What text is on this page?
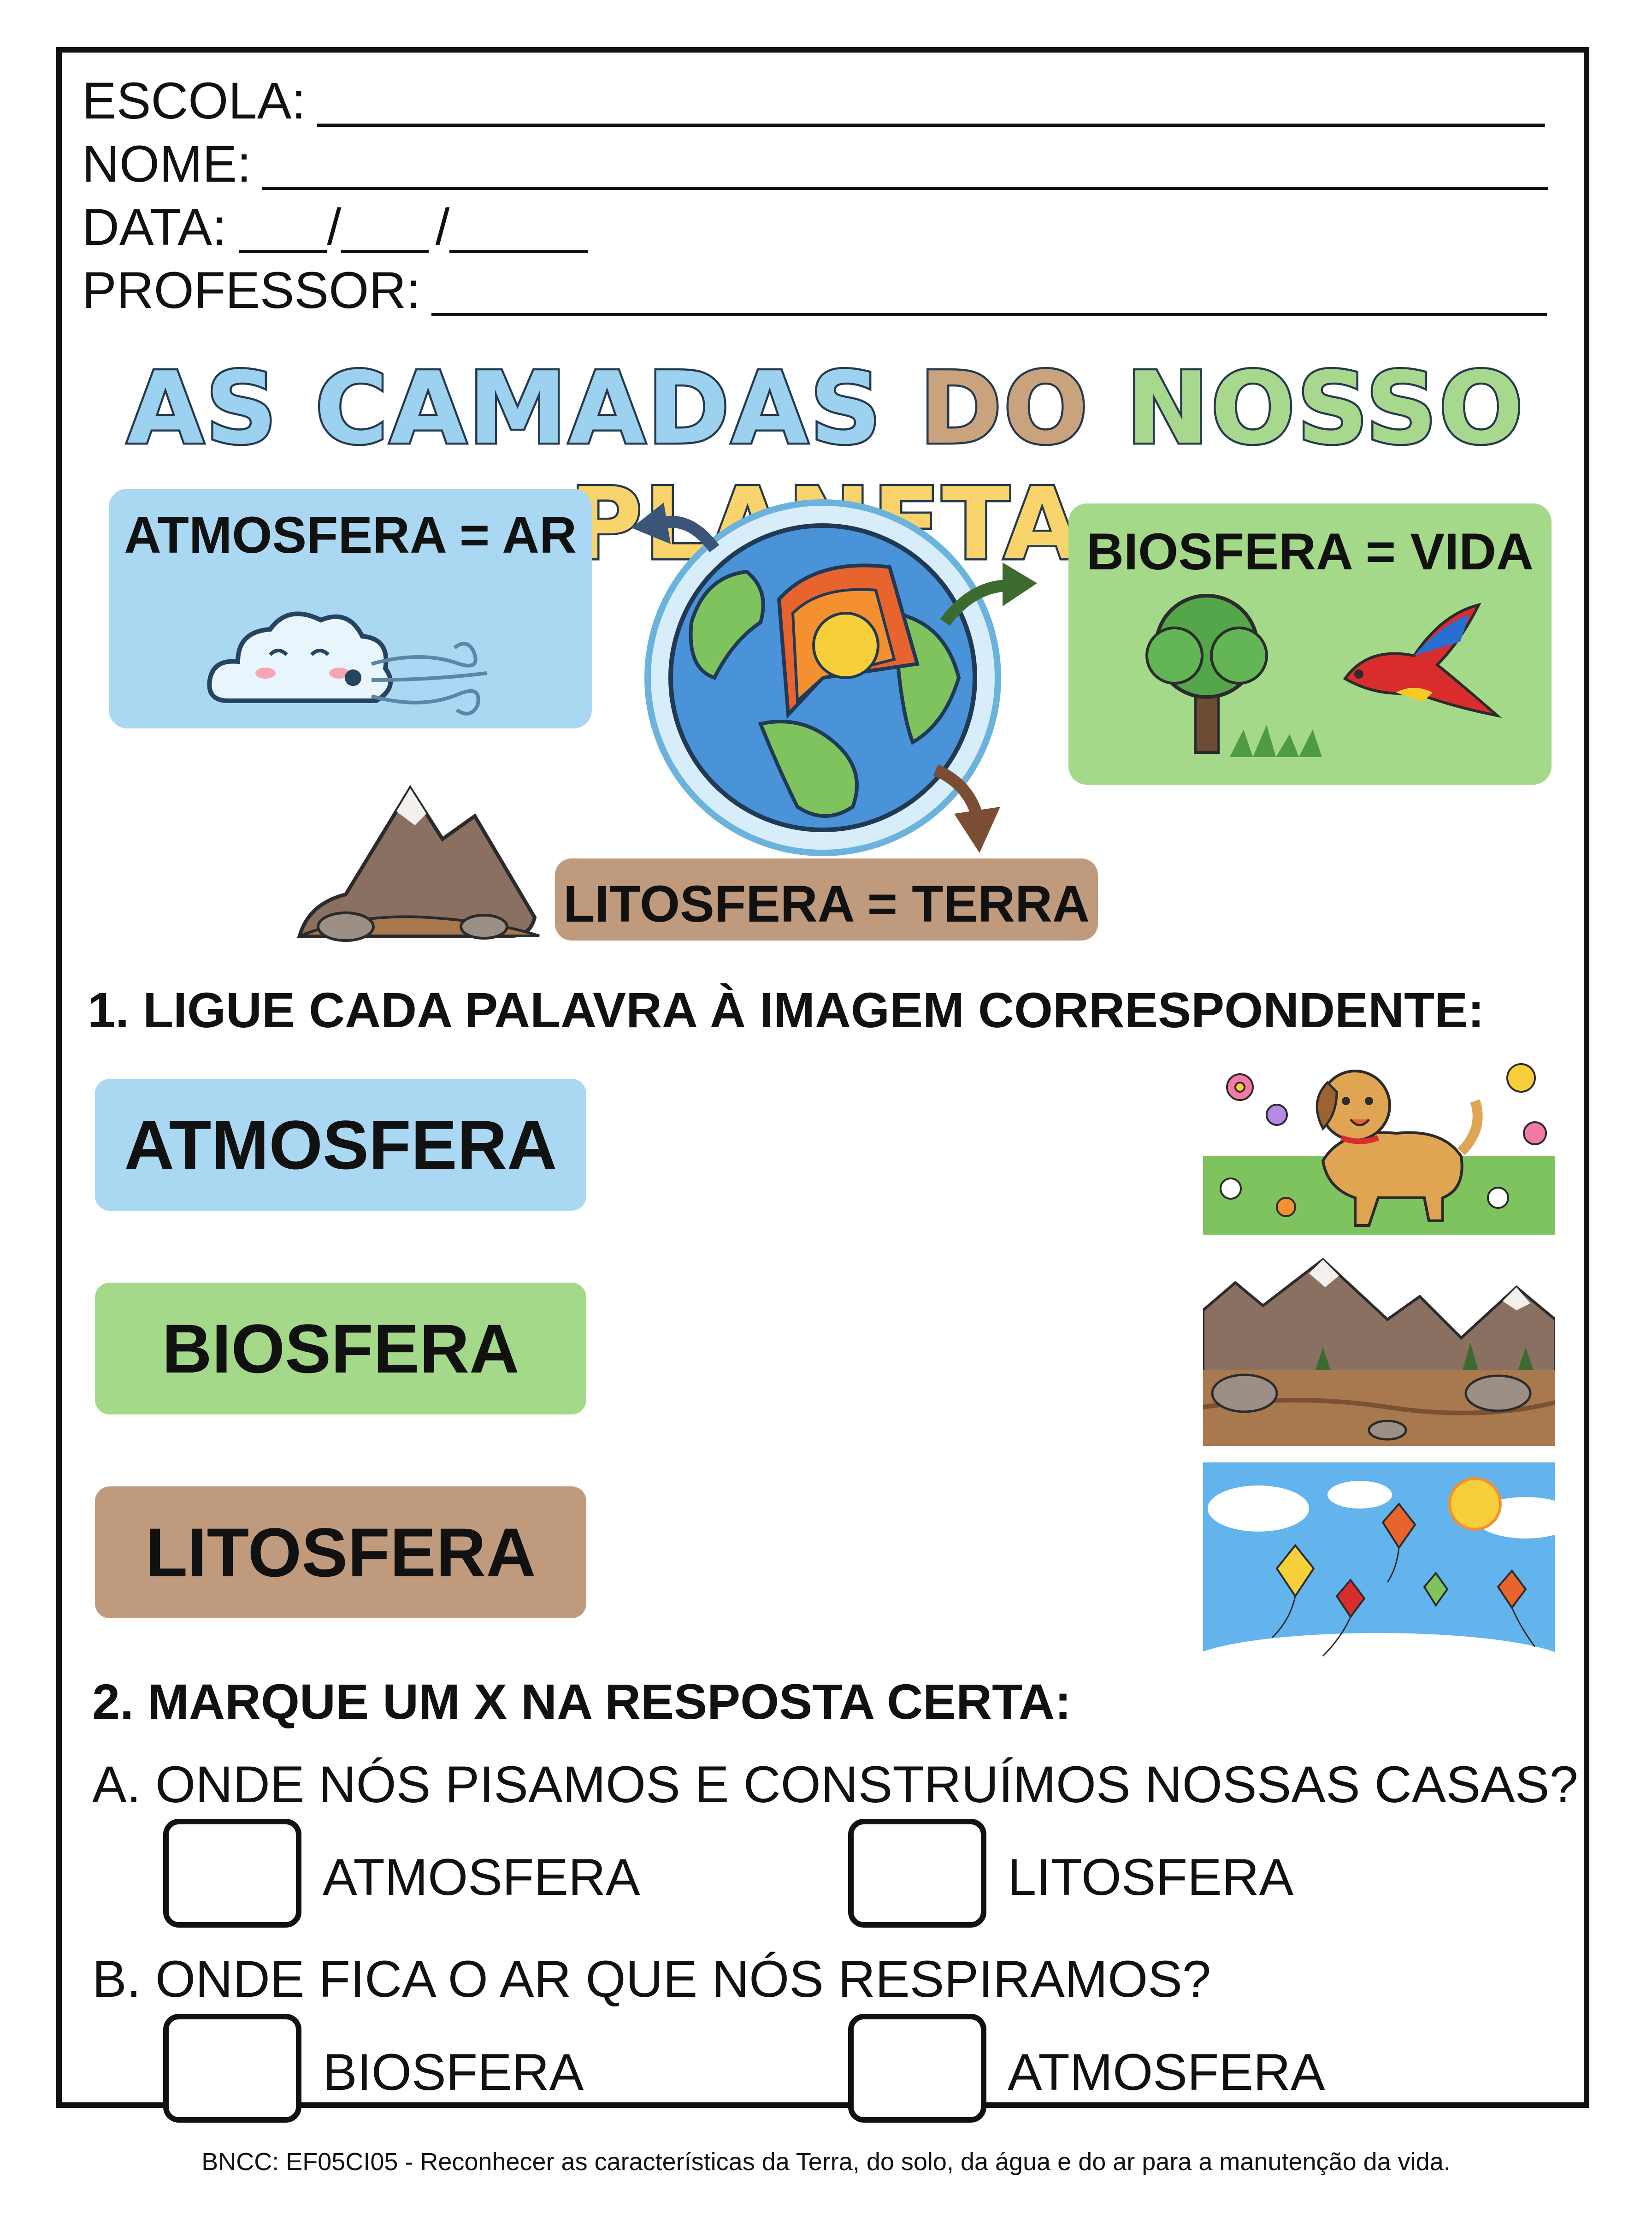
ESCOLA:
NOME:
DATA: / /
PROFESSOR:
AS CAMADAS DO NOSSO
ATMOSFERA = AR	BIOSFERA = VIDA
LITOSFERA = TERRA
1. LIGUE CADA PALAVRA À IMAGEM CORRESPONDENTE:
ATMOSFERA
BIOSFERA
LITOSFERA
2. MARQUE UM X NA RESPOSTA CERTA:
A. ONDE NÓS PISAMOS E CONSTRUÍMOS NOSSAS CASAS?
ATMOSFERA	LITOSFERA
B. ONDE FICA O AR QUE NÓS RESPIRAMOS?
BIOSFERA	ATMOSFERA
BNCC: EF05CI05 - Reconhecer as características da Terra, do solo, da água e do ar para a manutenção da vida.
